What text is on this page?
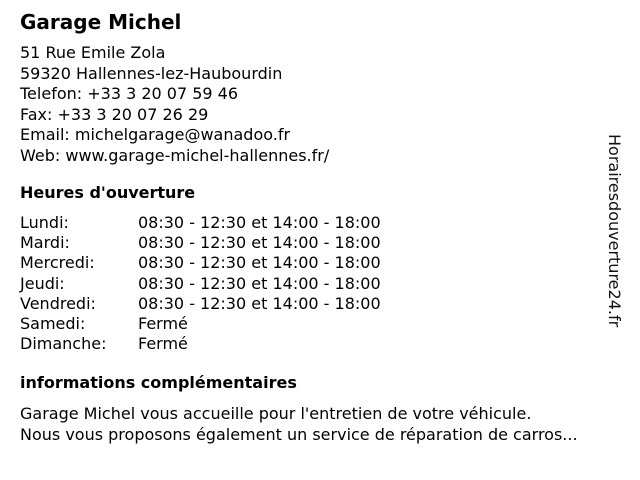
Garage Michel
51 Rue Emile Zola
59320 Hallennes-lez-Haubourdin
Telefon: +33 3 20 07 59 46
Fax: +33 3 20 07 26 29
Email: michelgarage@wanadoo.fr
Web: www.garage-michel-hallennes.fr/
Heures d'ouverture
Lundi:	08:30 - 12:30 et 14:00 - 18:00
Mardi:	08:30 - 12:30 et 14:00 - 18:00
Mercredi:	08:30 - 12:30 et 14:00 - 18:00
Jeudi:	08:30 - 12:30 et 14:00 - 18:00
Vendredi:	08:30 - 12:30 et 14:00 - 18:00
Samedi:	Fermé
Dimanche: Fermé
informations complémentaires
Garage Michel vous accueille pour l'entretien de votre véhicule.
Nous vous proposons également un service de réparation de carros...
Horairesdouverture24.fr
